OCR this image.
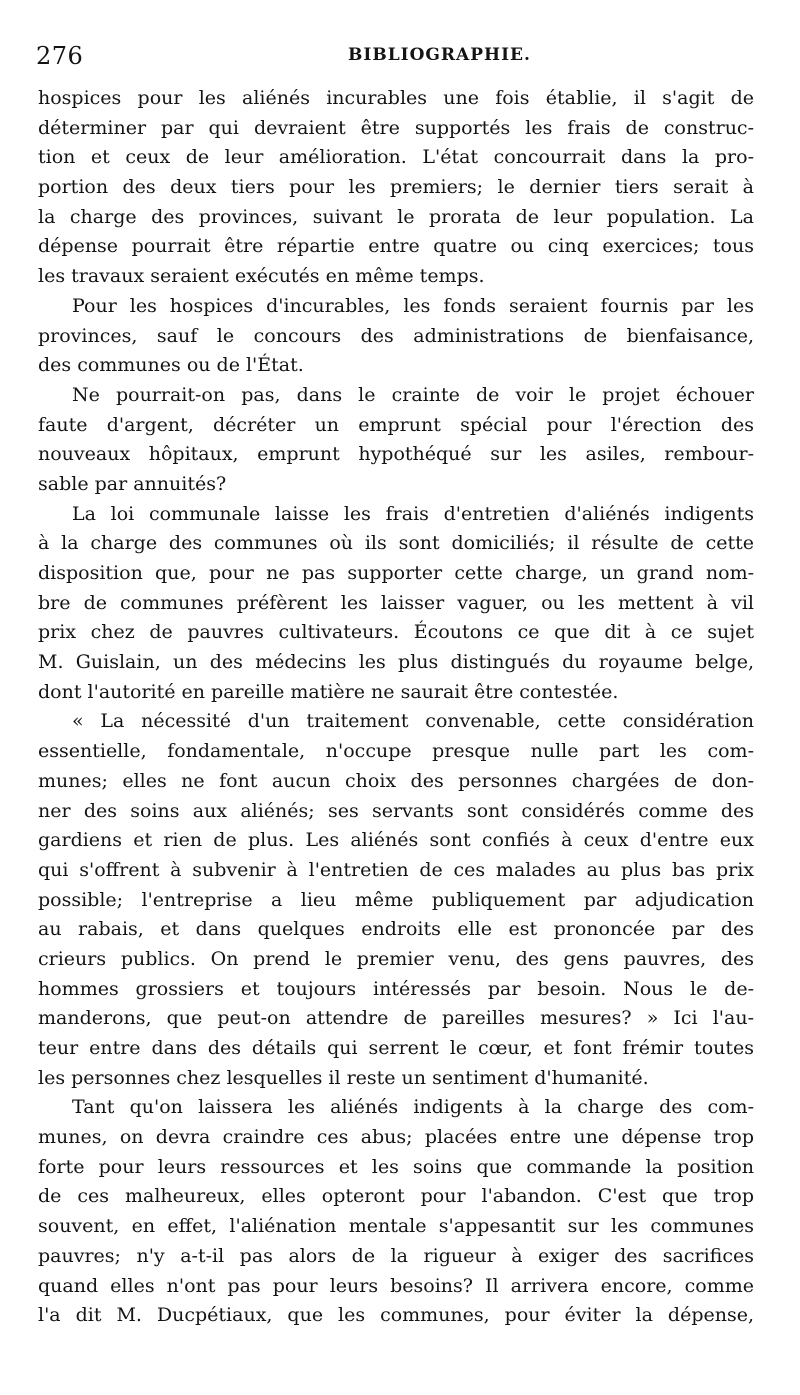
276	BIBLIOGRAPHIE.
hospices pour les aliénés incurables une fois établie, il s'agit de
déterminer par qui devraient être supportés les frais de construc-
tion et ceux de leur amélioration. L'état concourrait dans la pro-
portion des deux tiers pour les premiers; le dernier tiers serait à
la charge des provinces, suivant le prorata de leur population. La
dépense pourrait être répartie entre quatre ou cinq exercices; tous
les travaux seraient exécutés en même temps.
Pour les hospices d'incurables, les fonds seraient fournis par les
provinces, sauf le concours des administrations de bienfaisance,
des communes ou de l'État.
Ne pourrait-on pas, dans le crainte de voir le projet échouer
faute d'argent, décréter un emprunt spécial pour l'érection des
nouveaux hôpitaux, emprunt hypothéqué sur les asiles, rembour-
sable par annuités?
La loi communale laisse les frais d'entretien d'aliénés indigents
à la charge des communes où ils sont domiciliés; il résulte de cette
disposition que, pour ne pas supporter cette charge, un grand nom-
bre de communes préfèrent les laisser vaguer, ou les mettent à vil
prix chez de pauvres cultivateurs. Écoutons ce que dit à ce sujet
M. Guislain, un des médecins les plus distingués du royaume belge,
dont l'autorité en pareille matière ne saurait être contestée.
« La nécessité d'un traitement convenable, cette considération
essentielle, fondamentale, n'occupe presque nulle part les com-
munes; elles ne font aucun choix des personnes chargées de don-
ner des soins aux aliénés; ses servants sont considérés comme des
gardiens et rien de plus. Les aliénés sont confiés à ceux d'entre eux
qui s'offrent à subvenir à l'entretien de ces malades au plus bas prix
possible; l'entreprise a lieu même publiquement par adjudication
au rabais, et dans quelques endroits elle est prononcée par des
crieurs publics. On prend le premier venu, des gens pauvres, des
hommes grossiers et toujours intéressés par besoin. Nous le de-
manderons, que peut-on attendre de pareilles mesures? » Ici l'au-
teur entre dans des détails qui serrent le cœur, et font frémir toutes
les personnes chez lesquelles il reste un sentiment d'humanité.
Tant qu'on laissera les aliénés indigents à la charge des com-
munes, on devra craindre ces abus; placées entre une dépense trop
forte pour leurs ressources et les soins que commande la position
de ces malheureux, elles opteront pour l'abandon. C'est que trop
souvent, en effet, l'aliénation mentale s'appesantit sur les communes
pauvres; n'y a-t-il pas alors de la rigueur à exiger des sacrifices
quand elles n'ont pas pour leurs besoins? Il arrivera encore, comme
l'a dit M. Ducpétiaux, que les communes, pour éviter la dépense,
